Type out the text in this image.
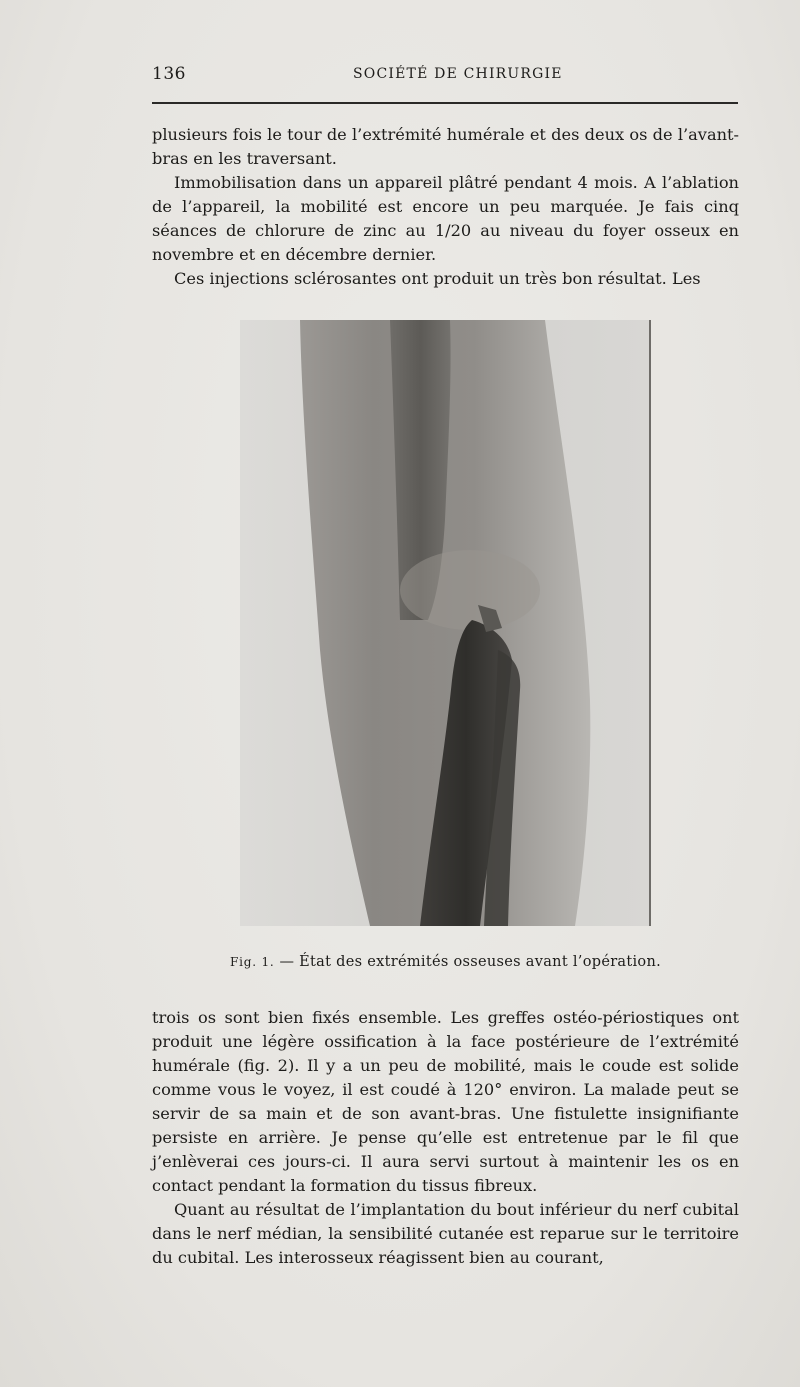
136	SOCIÉTÉ DE CHIRURGIE

plusieurs fois le tour de l’extrémité humérale et des deux os de l’avant-bras en les traversant.

Immobilisation dans un appareil plâtré pendant 4 mois. A l’ablation de l’appareil, la mobilité est encore un peu marquée. Je fais cinq séances de chlorure de zinc au 1/20 au niveau du foyer osseux en novembre et en décembre dernier.

Ces injections sclérosantes ont produit un très bon résultat. Les

Fig. 1. — État des extrémités osseuses avant l’opération.

trois os sont bien fixés ensemble. Les greffes ostéo-périostiques ont produit une légère ossification à la face postérieure de l’extrémité humérale (fig. 2). Il y a un peu de mobilité, mais le coude est solide comme vous le voyez, il est coudé à 120° environ. La malade peut se servir de sa main et de son avant-bras. Une fistulette insignifiante persiste en arrière. Je pense qu’elle est entretenue par le fil que j’enlèverai ces jours-ci. Il aura servi surtout à maintenir les os en contact pendant la formation du tissus fibreux.

Quant au résultat de l’implantation du bout inférieur du nerf cubital dans le nerf médian, la sensibilité cutanée est reparue sur le territoire du cubital. Les interosseux réagissent bien au courant,
